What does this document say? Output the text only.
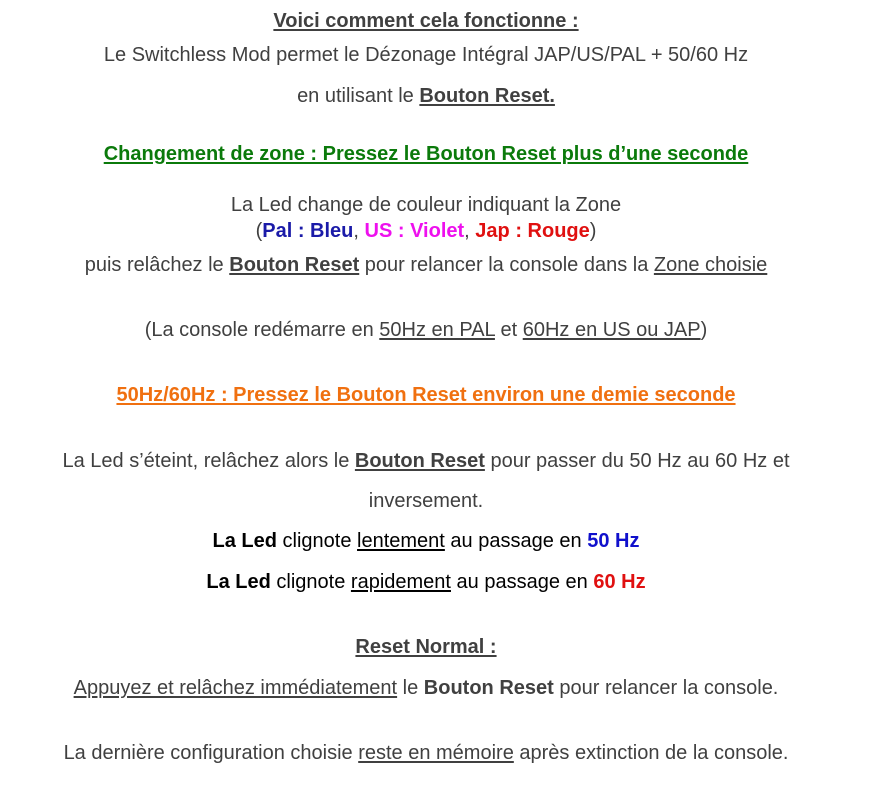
Voici comment cela fonctionne :
Le Switchless Mod permet le Dézonage Intégral JAP/US/PAL + 50/60 Hz
en utilisant le Bouton Reset.
Changement de zone : Pressez le Bouton Reset plus d’une seconde
La Led change de couleur indiquant la Zone
(Pal : Bleu, US : Violet, Jap : Rouge)
puis relâchez le Bouton Reset pour relancer la console dans la Zone choisie
(La console redémarre en 50Hz en PAL et 60Hz en US ou JAP)
50Hz/60Hz : Pressez le Bouton Reset environ une demie seconde
La Led s’éteint, relâchez alors le Bouton Reset pour passer du 50 Hz au 60 Hz et
inversement.
La Led clignote lentement au passage en 50 Hz
La Led clignote rapidement au passage en 60 Hz
Reset Normal :
Appuyez et relâchez immédiatement le Bouton Reset pour relancer la console.
La dernière configuration choisie reste en mémoire après extinction de la console.
